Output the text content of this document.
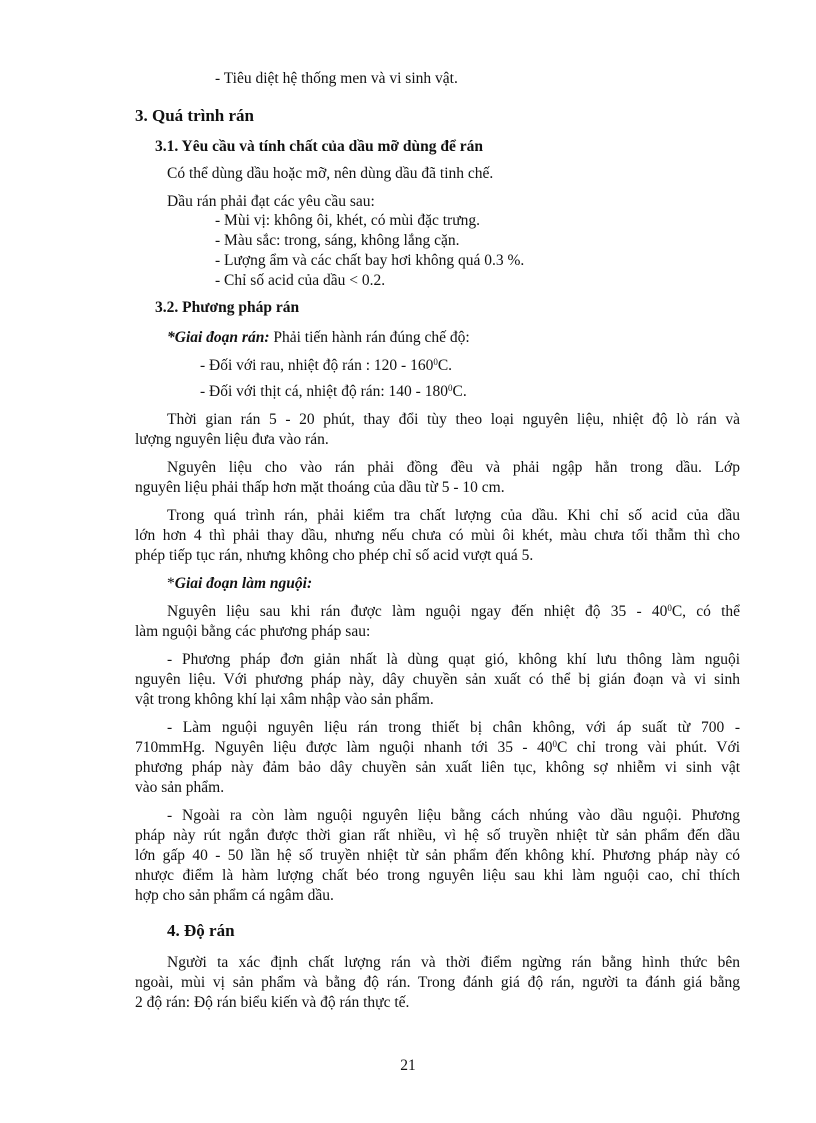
- Tiêu diệt hệ thống men và vi sinh vật.
3. Quá trình rán
3.1. Yêu cầu và tính chất của dầu mỡ dùng để rán
Có thể dùng dầu hoặc mỡ, nên dùng dầu đã tinh chế.
Dầu rán phải đạt các yêu cầu sau:
- Mùi vị: không ôi, khét, có mùi đặc trưng.
- Màu sắc: trong, sáng, không lắng cặn.
- Lượng ẩm và các chất bay hơi không quá 0.3 %.
- Chỉ số acid của dầu < 0.2.
3.2. Phương pháp rán
*Giai đoạn rán: Phải tiến hành rán đúng chế độ:
- Đối với rau, nhiệt độ rán : $120 - 160^0C$.
- Đối với thịt cá, nhiệt độ rán: $140 - 180^0C$.
Thời gian rán 5 - 20 phút, thay đổi tùy theo loại nguyên liệu, nhiệt độ lò rán và
lượng nguyên liệu đưa vào rán.
Nguyên liệu cho vào rán phải đồng đều và phải ngập hẳn trong dầu. Lớp
nguyên liệu phải thấp hơn mặt thoáng của dầu từ 5 - 10 cm.
Trong quá trình rán, phải kiểm tra chất lượng của dầu. Khi chỉ số acid của dầu
lớn hơn 4 thì phải thay dầu, nhưng nếu chưa có mùi ôi khét, màu chưa tối thẫm thì cho
phép tiếp tục rán, nhưng không cho phép chỉ số acid vượt quá 5.
*Giai đoạn làm nguội:
Nguyên liệu sau khi rán được làm nguội ngay đến nhiệt độ $35 - 40^0C$, có thể
làm nguội bằng các phương pháp sau:
- Phương pháp đơn giản nhất là dùng quạt gió, không khí lưu thông làm nguội
nguyên liệu. Với phương pháp này, dây chuyền sản xuất có thể bị gián đoạn và vi sinh
vật trong không khí lại xâm nhập vào sản phẩm.
- Làm nguội nguyên liệu rán trong thiết bị chân không, với áp suất từ 700 -
710mmHg. Nguyên liệu được làm nguội nhanh tới $35 - 40^0C$ chỉ trong vài phút. Với
phương pháp này đảm bảo dây chuyền sản xuất liên tục, không sợ nhiễm vi sinh vật
vào sản phẩm.
- Ngoài ra còn làm nguội nguyên liệu bằng cách nhúng vào dầu nguội. Phương
pháp này rút ngắn được thời gian rất nhiều, vì hệ số truyền nhiệt từ sản phẩm đến dầu
lớn gấp 40 - 50 lần hệ số truyền nhiệt từ sản phẩm đến không khí. Phương pháp này có
nhược điểm là hàm lượng chất béo trong nguyên liệu sau khi làm nguội cao, chỉ thích
hợp cho sản phẩm cá ngâm dầu.
4. Độ rán
Người ta xác định chất lượng rán và thời điểm ngừng rán bằng hình thức bên
ngoài, mùi vị sản phẩm và bằng độ rán. Trong đánh giá độ rán, người ta đánh giá bằng
2 độ rán: Độ rán biểu kiến và độ rán thực tế.
21
